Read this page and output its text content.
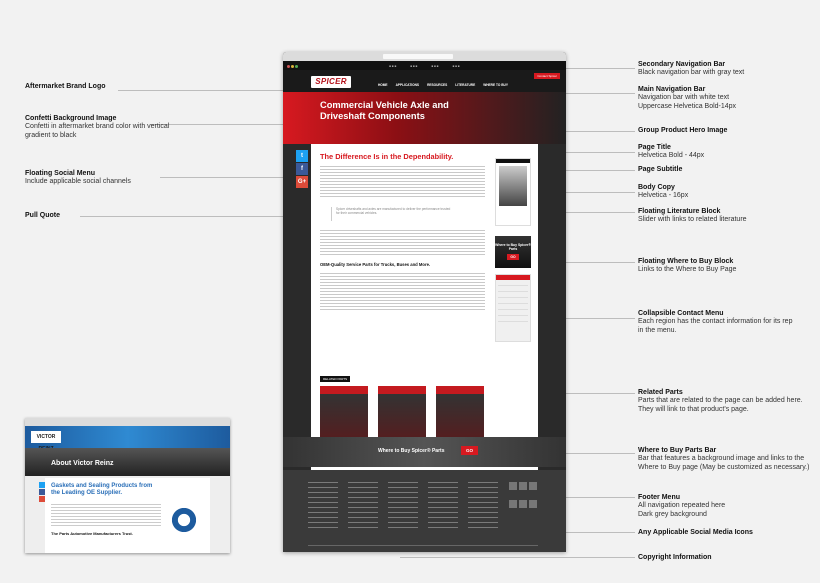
Aftermarket Brand Logo
Confetti Background Image
Confetti in aftermarket brand color with vertical
gradient to black
Floating Social Menu
Include applicable social channels
Pull Quote
Secondary Navigation Bar
Black navigation bar with gray text
Main Navigation Bar
Navigation bar with white text
Uppercase Helvetica Bold-14px
Group Product Hero Image
Page Title
Helvetica Bold - 44px
Page Subtitle
Body Copy
Helvetica - 16px
Floating Literature Block
Slider with links to related literature
Floating Where to Buy Block
Links to the Where to Buy Page
Collapsible Contact Menu
Each region has the contact information for its rep
in the menu.
Related Parts
Parts that are related to the page can be added here.
They will link to that product's page.
Where to Buy Parts Bar
Bar that features a background image and links to the
Where to Buy page (May be customized as necessary.)
Footer Menu
All navigation repeated here
Dark grey background
Any Applicable Social Media Icons
Copyright Information
■ ■ ■	■ ■ ■	■ ■ ■	■ ■ ■
SPICER
Contact Spicer
HOME	APPLICATIONS	RESOURCES	LITERATURE	WHERE TO BUY
Commercial Vehicle Axle and Driveshaft Components
The Difference Is in the Dependability.
Spicer driveshafts and axles are manufactured to deliver the performance trusted for their commercial vehicles.
OEM-Quality Service Parts for Trucks, Buses and More.
Where to Buy Spicer® Parts
GO
RELATED PARTS
t
f
G+
Where to Buy Spicer® Parts	GO

VICTOR
About Victor Reinz
Gaskets and Sealing Products from the Leading OE Supplier.
The Parts Automotive Manufacturers Trust.
